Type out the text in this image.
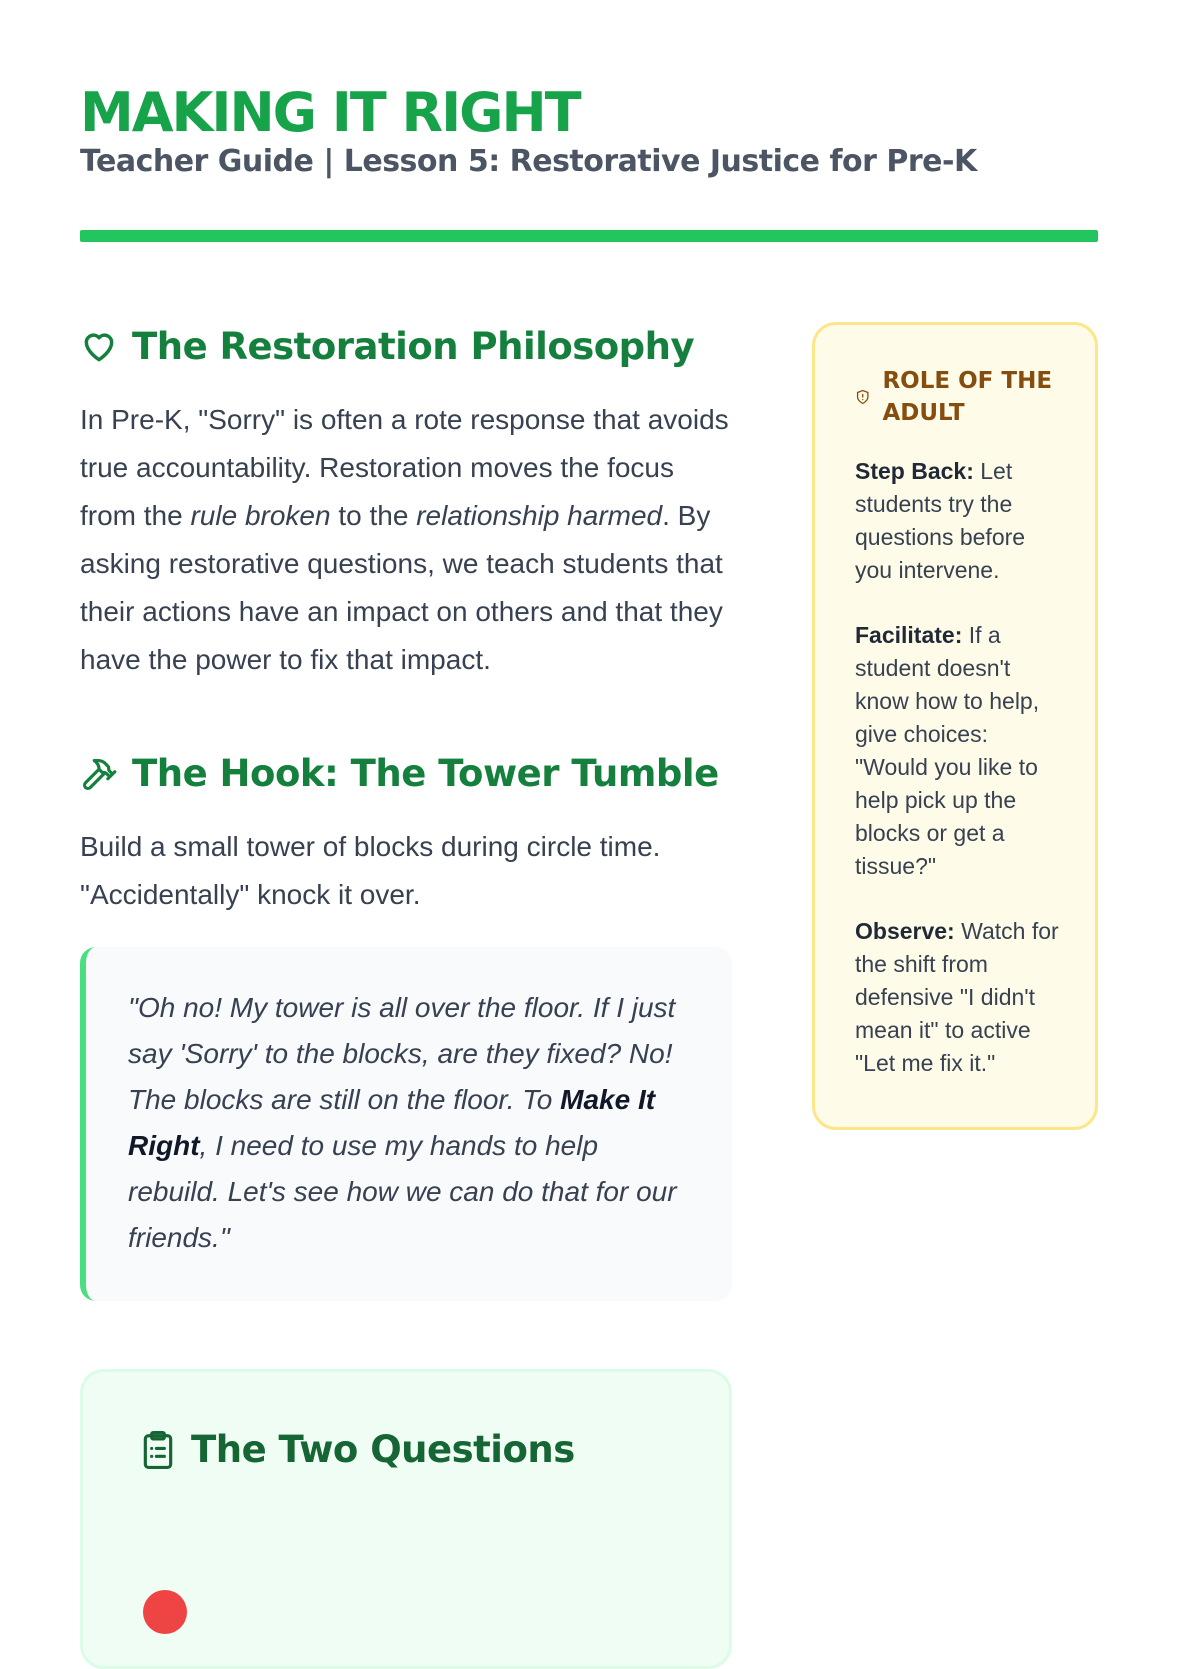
MAKING IT RIGHT
Teacher Guide | Lesson 5: Restorative Justice for Pre-K
The Restoration Philosophy

In Pre-K, "Sorry" is often a rote response that avoids true accountability. Restoration moves the focus from the rule broken to the relationship harmed. By asking restorative questions, we teach students that their actions have an impact on others and that they have the power to fix that impact.

The Hook: The Tower Tumble

Build a small tower of blocks during circle time. "Accidentally" knock it over.

"Oh no! My tower is all over the floor. If I just say 'Sorry' to the blocks, are they fixed? No! The blocks are still on the floor. To Make It Right, I need to use my hands to help rebuild. Let's see how we can do that for our friends."
The Two Questions
ROLE OF THE ADULT
Step Back: Let students try the questions before you intervene.
Facilitate: If a student doesn't know how to help, give choices: "Would you like to help pick up the blocks or get a tissue?"
Observe: Watch for the shift from defensive "I didn't mean it" to active "Let me fix it."
